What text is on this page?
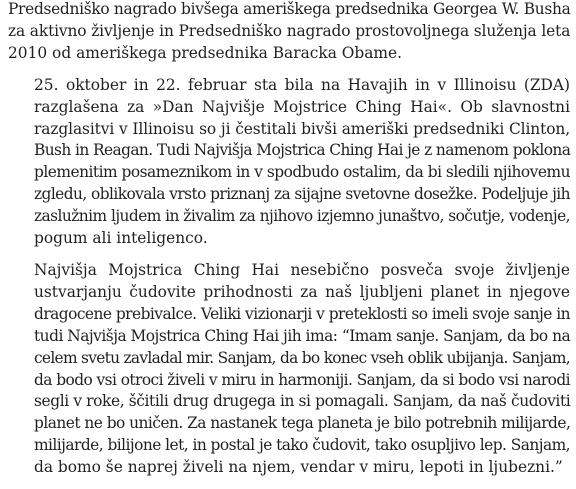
Predsedniško nagrado bivšega ameriškega predsednika Georgea W. Busha
za aktivno življenje in Predsedniško nagrado prostovoljnega služenja leta
2010 od ameriškega predsednika Baracka Obame.
25. oktober in 22. februar sta bila na Havajih in v Illinoisu (ZDA)
razglašena za »Dan Najvišje Mojstrice Ching Hai«. Ob slavnostni
razglasitvi v Illinoisu so ji čestitali bivši ameriški predsedniki Clinton,
Bush in Reagan. Tudi Najvišja Mojstrica Ching Hai je z namenom poklona
plemenitim posameznikom in v spodbudo ostalim, da bi sledili njihovemu
zgledu, oblikovala vrsto priznanj za sijajne svetovne dosežke. Podeljuje jih
zaslužnim ljudem in živalim za njihovo izjemno junaštvo, sočutje, vodenje,
pogum ali inteligenco.
Najvišja Mojstrica Ching Hai nesebično posveča svoje življenje
ustvarjanju čudovite prihodnosti za naš ljubljeni planet in njegove
dragocene prebivalce. Veliki vizionarji v preteklosti so imeli svoje sanje in
tudi Najvišja Mojstrica Ching Hai jih ima: “Imam sanje. Sanjam, da bo na
celem svetu zavladal mir. Sanjam, da bo konec vseh oblik ubijanja. Sanjam,
da bodo vsi otroci živeli v miru in harmoniji. Sanjam, da si bodo vsi narodi
segli v roke, ščitili drug drugega in si pomagali. Sanjam, da naš čudoviti
planet ne bo uničen. Za nastanek tega planeta je bilo potrebnih milijarde,
milijarde, bilijone let, in postal je tako čudovit, tako osupljivo lep. Sanjam,
da bomo še naprej živeli na njem, vendar v miru, lepoti in ljubezni.”
